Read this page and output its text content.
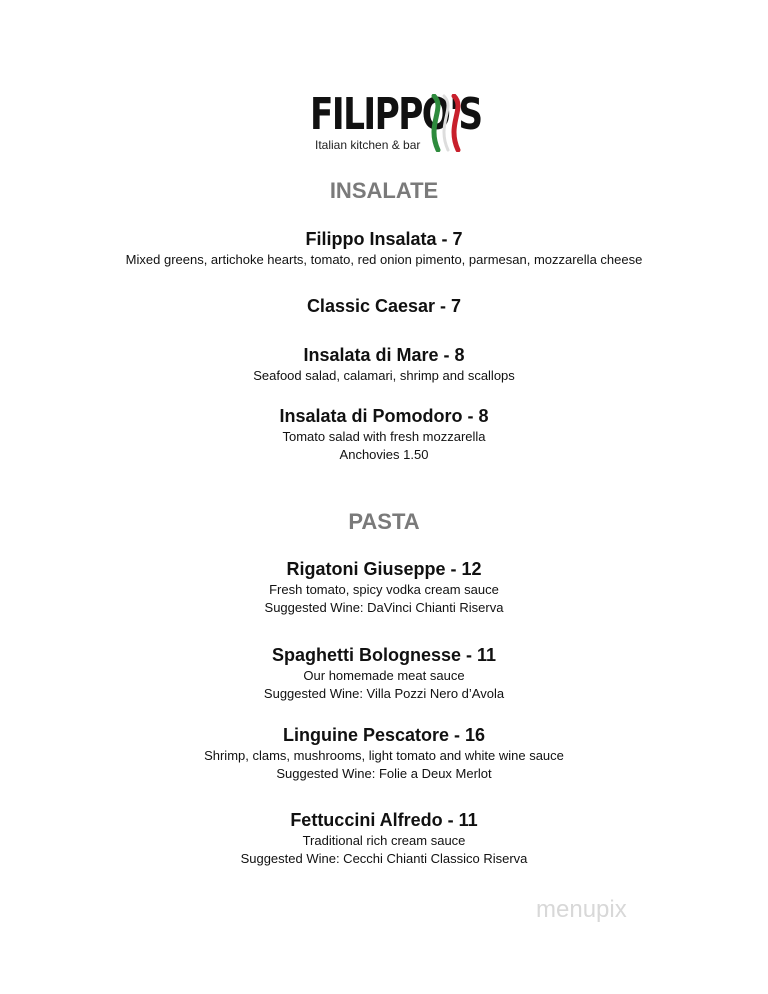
FILIPPO'S
Italian kitchen & bar
INSALATE
Filippo Insalata - 7
Mixed greens, artichoke hearts, tomato, red onion pimento, parmesan, mozzarella cheese
Classic Caesar - 7
Insalata di Mare - 8
Seafood salad, calamari, shrimp and scallops
Insalata di Pomodoro - 8
Tomato salad with fresh mozzarella
Anchovies 1.50
PASTA
Rigatoni Giuseppe - 12
Fresh tomato, spicy vodka cream sauce
Suggested Wine: DaVinci Chianti Riserva
Spaghetti Bolognesse - 11
Our homemade meat sauce
Suggested Wine: Villa Pozzi Nero d’Avola
Linguine Pescatore - 16
Shrimp, clams, mushrooms, light tomato and white wine sauce
Suggested Wine: Folie a Deux Merlot
Fettuccini Alfredo - 11
Traditional rich cream sauce
Suggested Wine: Cecchi Chianti Classico Riserva
menupix
